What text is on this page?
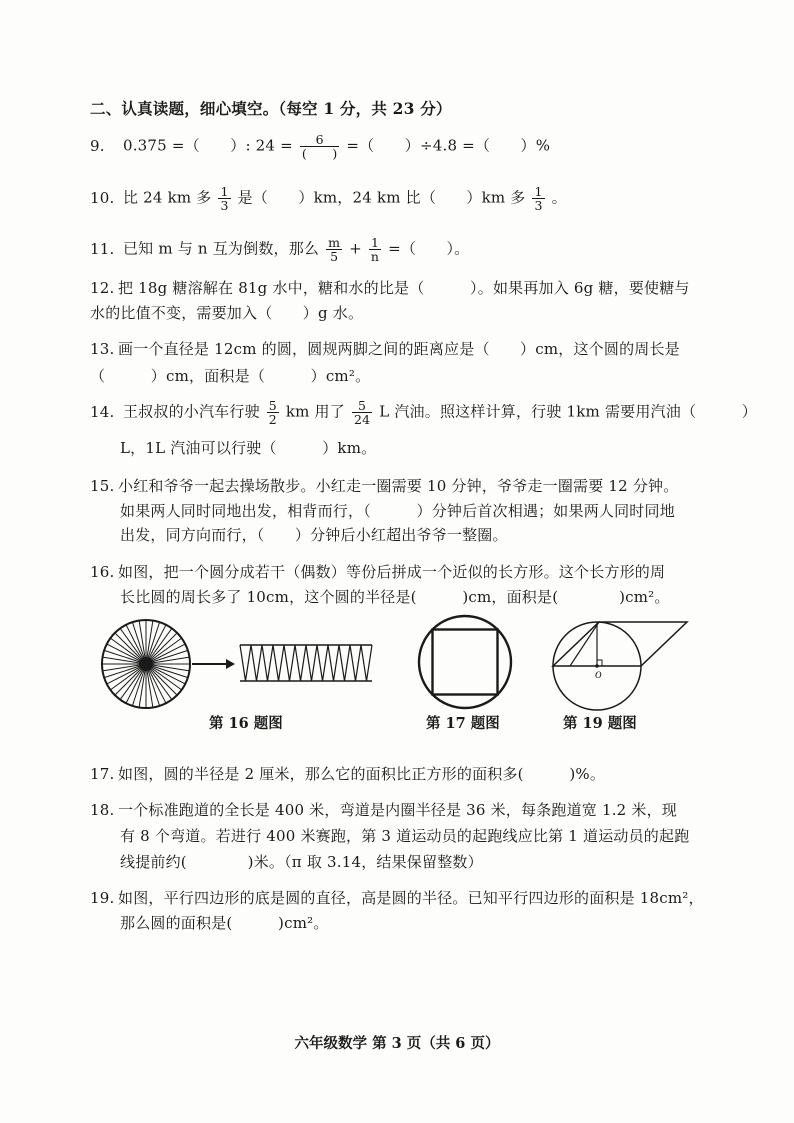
二、认真读题，细心填空。（每空 1 分，共 23 分）
9. 0.375 =（　　）: $24 = \frac{6}{( )}$ =（　　）÷4.8 =（　　）%
10. 比 24 km 多 $\frac{1}{3}$ 是（　　）km，24 km 比（　　）km 多 $\frac{1}{3}$ 。
11. 已知 m 与 n 互为倒数，那么 $\frac{m}{5} + \frac{1}{n}$ =（　　）。
12. 把 18g 糖溶解在 81g 水中，糖和水的比是（　　　）。如果再加入 6g 糖，要使糖与
水的比值不变，需要加入（　　）g 水。
13. 画一个直径是 12cm 的圆，圆规两脚之间的距离应是（　　）cm，这个圆的周长是
（　　　）cm，面积是（　　　）cm²。
14. 王叔叔的小汽车行驶 $\frac{5}{2}$ km 用了 $\frac{5}{24}$ L 汽油。照这样计算，行驶 1km 需要用汽油（　　　）
L，1L 汽油可以行驶（　　　）km。
15. 小红和爷爷一起去操场散步。小红走一圈需要 10 分钟，爷爷走一圈需要 12 分钟。
如果两人同时同地出发，相背而行，（　　　）分钟后首次相遇；如果两人同时同地
出发，同方向而行，（　　）分钟后小红超出爷爷一整圈。
16. 如图，把一个圆分成若干（偶数）等份后拼成一个近似的长方形。这个长方形的周
长比圆的周长多了 10cm，这个圆的半径是(　　　)cm，面积是(　　　　)cm²。
第 16 题图	第 17 题图
O
第 19 题图
17. 如图，圆的半径是 2 厘米，那么它的面积比正方形的面积多(　　　)%。
18. 一个标准跑道的全长是 400 米，弯道是内圈半径是 36 米，每条跑道宽 1.2 米，现
有 8 个弯道。若进行 400 米赛跑，第 3 道运动员的起跑线应比第 1 道运动员的起跑
线提前约(　　　　)米。（π 取 3.14，结果保留整数）
19. 如图，平行四边形的底是圆的直径，高是圆的半径。已知平行四边形的面积是 18cm²，
那么圆的面积是(　　　)cm²。
六年级数学 第 3 页（共 6 页）
